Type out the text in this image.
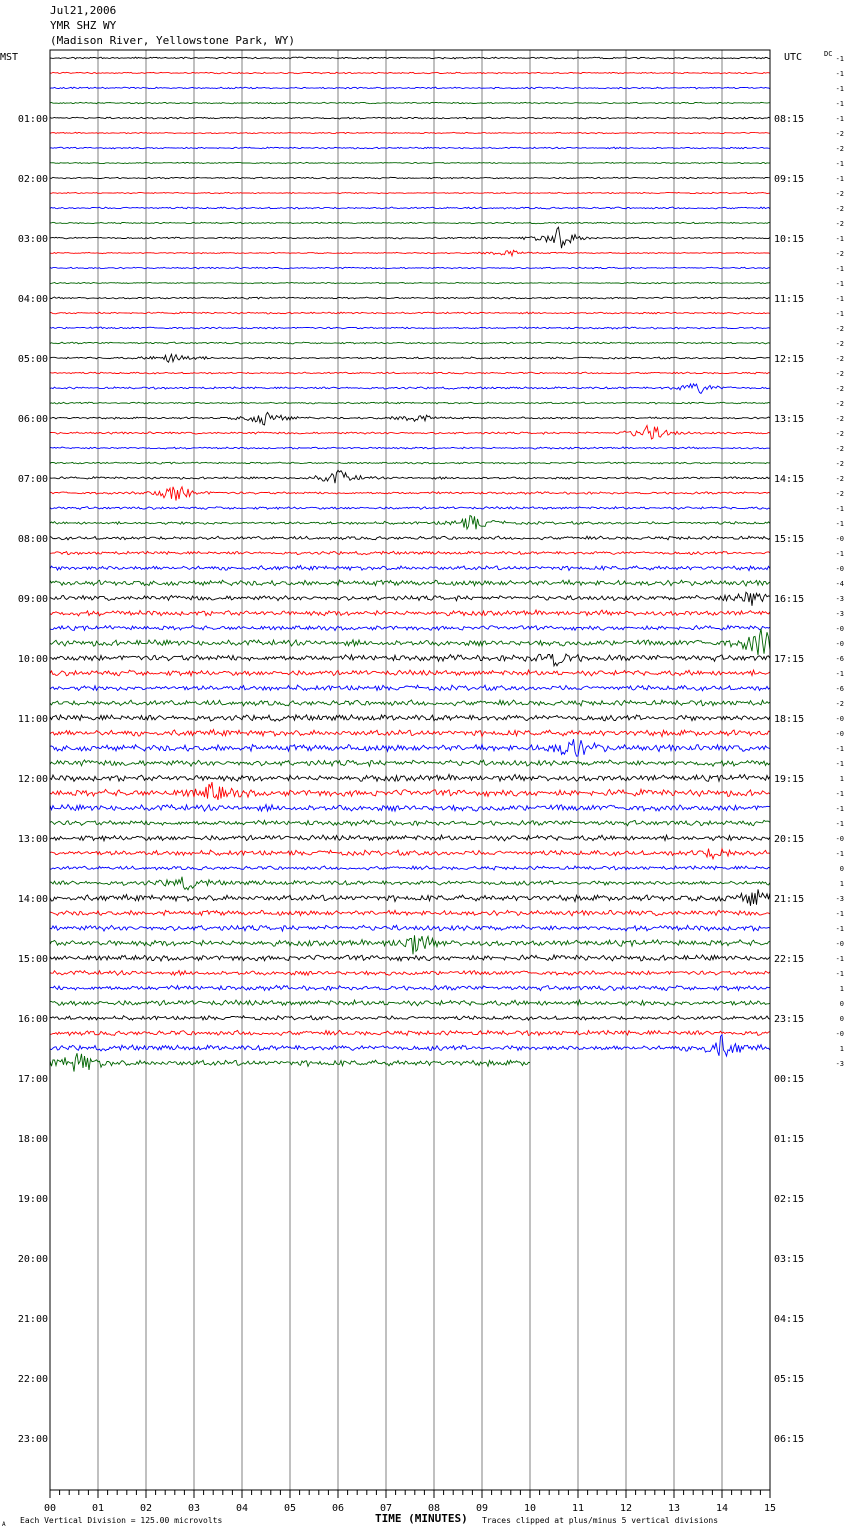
Jul21,2006
YMR SHZ WY
(Madison River, Yellowstone Park, WY)
00	01	02	03	04	05	06	07	08	09	10	11	12	13	14	15
01:00
02:00
03:00
04:00
05:00
06:00
07:00
08:00
09:00
10:00
11:00
12:00
13:00
14:00
15:00
16:00
17:00
18:00
19:00
20:00
21:00
22:00
23:00
08:15
09:15
10:15
11:15
12:15
13:15
14:15
15:15
16:15
17:15
18:15
19:15
20:15
21:15
22:15
23:15
00:15
01:15
02:15
03:15
04:15
05:15
06:15
-1
-1
-1
-1
-1
-2
-2
-1
-1
-2
-2
-2
-1
-2
-1
-1
-1
-1
-2
-2
-2
-2
-2
-2
-2
-2
-2
-2
-2
-2
-1
-1
-0
-1
-0
-4
-3
-3
-0
-0
-6
-1
-6
-2
-0
-0
-1
-1
1
-1
-1
-1
-0
-1
0
1
-3
-1
-1
-0
-1
-1
1
0
0
-0
1
-3
MST	UTC	DC
TIME (MINUTES)
Each Vertical Division = 125.00 microvolts	Traces clipped at plus/minus 5 vertical divisions
A
